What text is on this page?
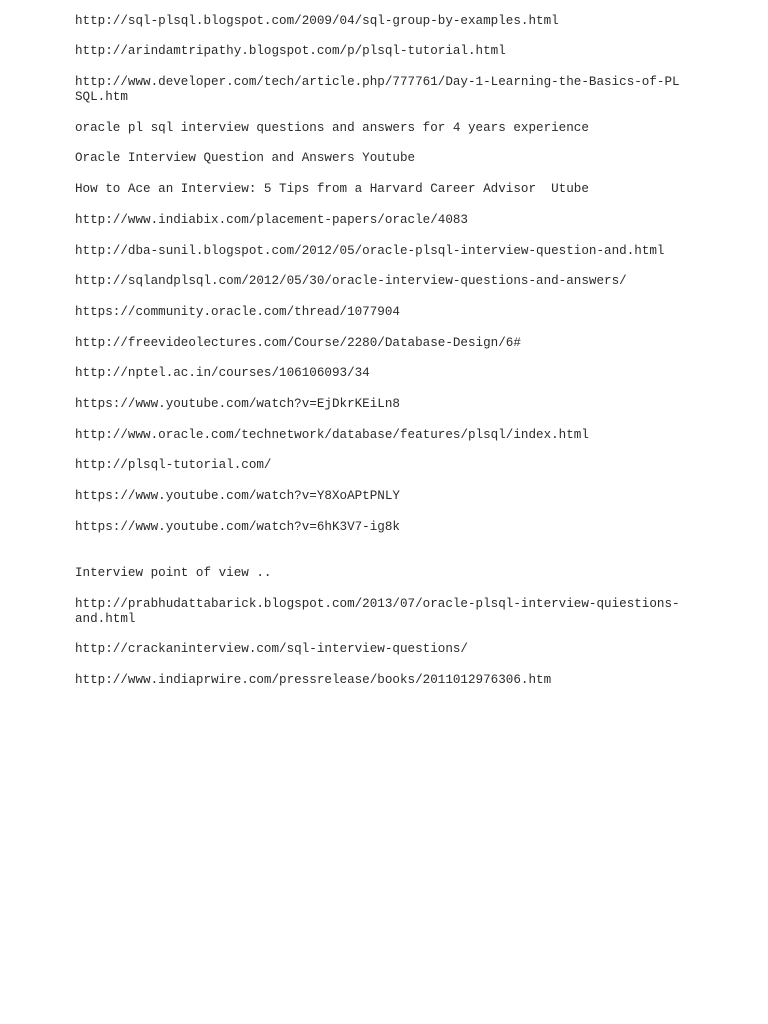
http://sql-plsql.blogspot.com/2009/04/sql-group-by-examples.html
http://arindamtripathy.blogspot.com/p/plsql-tutorial.html
http://www.developer.com/tech/article.php/777761/Day-1-Learning-the-Basics-of-PL
SQL.htm
oracle pl sql interview questions and answers for 4 years experience
Oracle Interview Question and Answers Youtube
How to Ace an Interview: 5 Tips from a Harvard Career Advisor  Utube
http://www.indiabix.com/placement-papers/oracle/4083
http://dba-sunil.blogspot.com/2012/05/oracle-plsql-interview-question-and.html
http://sqlandplsql.com/2012/05/30/oracle-interview-questions-and-answers/
https://community.oracle.com/thread/1077904
http://freevideolectures.com/Course/2280/Database-Design/6#
http://nptel.ac.in/courses/106106093/34
https://www.youtube.com/watch?v=EjDkrKEiLn8
http://www.oracle.com/technetwork/database/features/plsql/index.html
http://plsql-tutorial.com/
https://www.youtube.com/watch?v=Y8XoAPtPNLY
https://www.youtube.com/watch?v=6hK3V7-ig8k
Interview point of view ..
http://prabhudattabarick.blogspot.com/2013/07/oracle-plsql-interview-quiestions-
and.html
http://crackaninterview.com/sql-interview-questions/
http://www.indiaprwire.com/pressrelease/books/2011012976306.htm
